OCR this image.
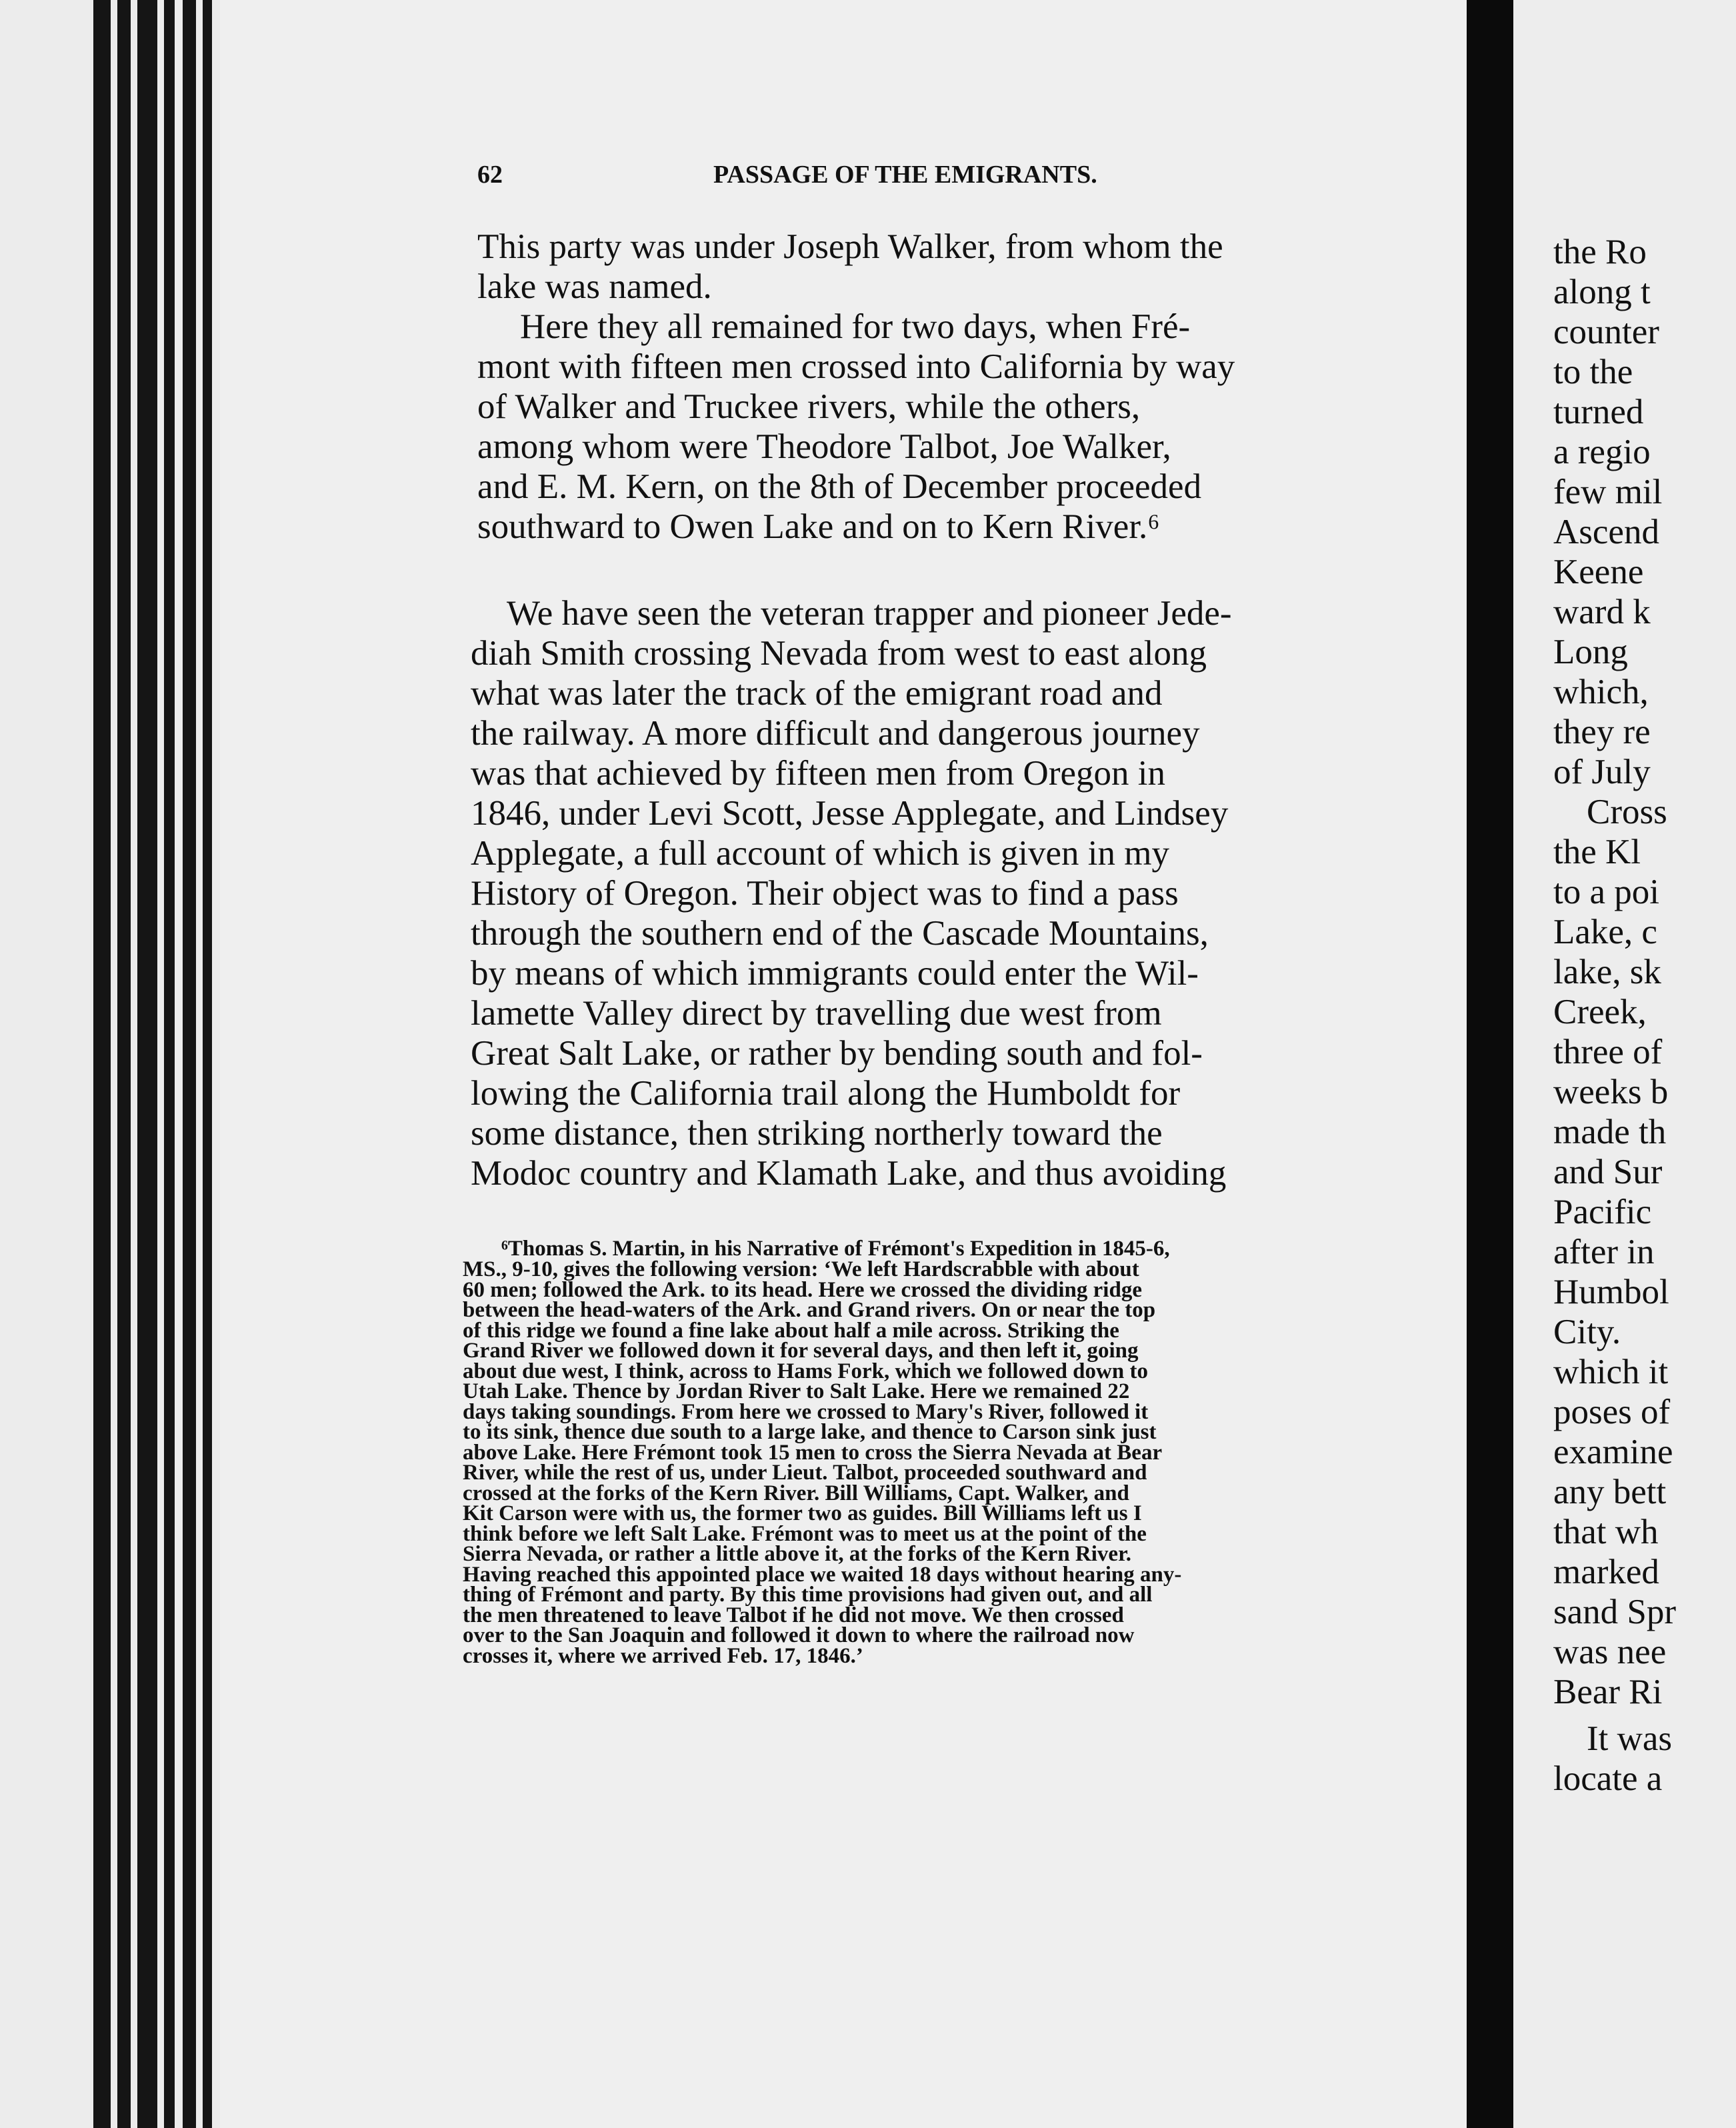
62	PASSAGE OF THE EMIGRANTS.
This party was under Joseph Walker, from whom the
lake was named.
Here they all remained for two days, when Fré-
mont with fifteen men crossed into California by way
of Walker and Truckee rivers, while the others,
among whom were Theodore Talbot, Joe Walker,
and E. M. Kern, on the 8th of December proceeded
southward to Owen Lake and on to Kern River.⁶
We have seen the veteran trapper and pioneer Jede-
diah Smith crossing Nevada from west to east along
what was later the track of the emigrant road and
the railway. A more difficult and dangerous journey
was that achieved by fifteen men from Oregon in
1846, under Levi Scott, Jesse Applegate, and Lindsey
Applegate, a full account of which is given in my
History of Oregon. Their object was to find a pass
through the southern end of the Cascade Mountains,
by means of which immigrants could enter the Wil-
lamette Valley direct by travelling due west from
Great Salt Lake, or rather by bending south and fol-
lowing the California trail along the Humboldt for
some distance, then striking northerly toward the
Modoc country and Klamath Lake, and thus avoiding
⁶Thomas S. Martin, in his Narrative of Frémont's Expedition in 1845-6,
MS., 9-10, gives the following version: ‘We left Hardscrabble with about
60 men; followed the Ark. to its head. Here we crossed the dividing ridge
between the head-waters of the Ark. and Grand rivers. On or near the top
of this ridge we found a fine lake about half a mile across. Striking the
Grand River we followed down it for several days, and then left it, going
about due west, I think, across to Hams Fork, which we followed down to
Utah Lake. Thence by Jordan River to Salt Lake. Here we remained 22
days taking soundings. From here we crossed to Mary's River, followed it
to its sink, thence due south to a large lake, and thence to Carson sink just
above Lake. Here Frémont took 15 men to cross the Sierra Nevada at Bear
River, while the rest of us, under Lieut. Talbot, proceeded southward and
crossed at the forks of the Kern River. Bill Williams, Capt. Walker, and
Kit Carson were with us, the former two as guides. Bill Williams left us I
think before we left Salt Lake. Frémont was to meet us at the point of the
Sierra Nevada, or rather a little above it, at the forks of the Kern River.
Having reached this appointed place we waited 18 days without hearing any-
thing of Frémont and party. By this time provisions had given out, and all
the men threatened to leave Talbot if he did not move. We then crossed
over to the San Joaquin and followed it down to where the railroad now
crosses it, where we arrived Feb. 17, 1846.’
the Ro
along t
counter
to the
turned
a regio
few mil
Ascend
Keene
ward k
Long
which,
they re
of July
Cross
the Kl
to a poi
Lake, c
lake, sk
Creek,
three of
weeks b
made th
and Sur
Pacific
after in
Humbol
City.
which it
poses of
examine
any bett
that wh
marked
sand Spr
was nee
Bear Ri
It was
locate a
